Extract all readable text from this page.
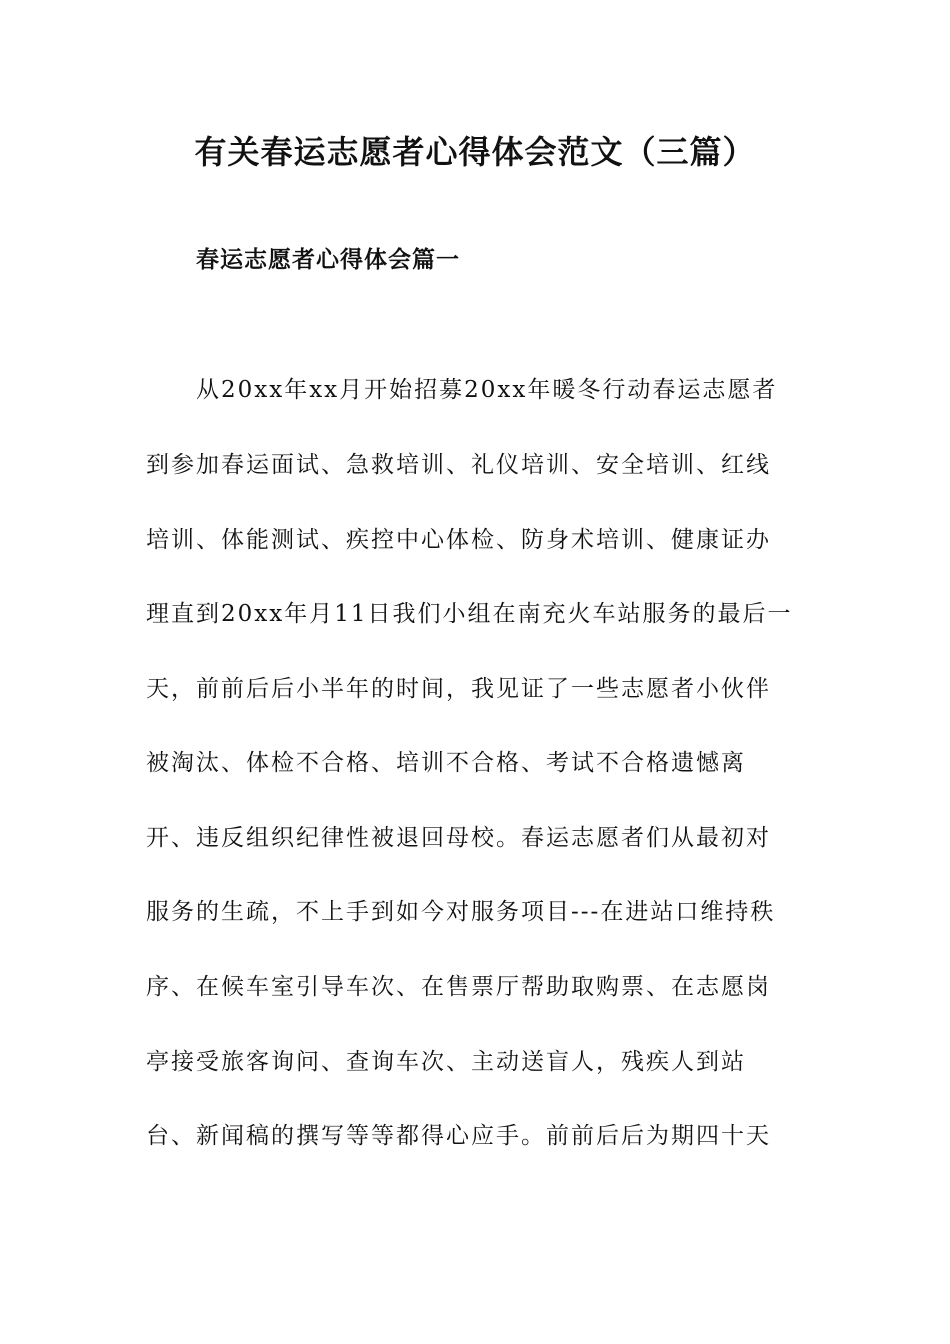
有关春运志愿者心得体会范文（三篇）
春运志愿者心得体会篇一

从20xx年xx月开始招募20xx年暖冬行动春运志愿者

到参加春运面试、急救培训、礼仪培训、安全培训、红线

培训、体能测试、疾控中心体检、防身术培训、健康证办

理直到20xx年月11日我们小组在南充火车站服务的最后一

天，前前后后小半年的时间，我见证了一些志愿者小伙伴

被淘汰、体检不合格、培训不合格、考试不合格遗憾离

开、违反组织纪律性被退回母校。春运志愿者们从最初对

服务的生疏，不上手到如今对服务项目---在进站口维持秩

序、在候车室引导车次、在售票厅帮助取购票、在志愿岗

亭接受旅客询问、查询车次、主动送盲人，残疾人到站

台、新闻稿的撰写等等都得心应手。前前后后为期四十天
